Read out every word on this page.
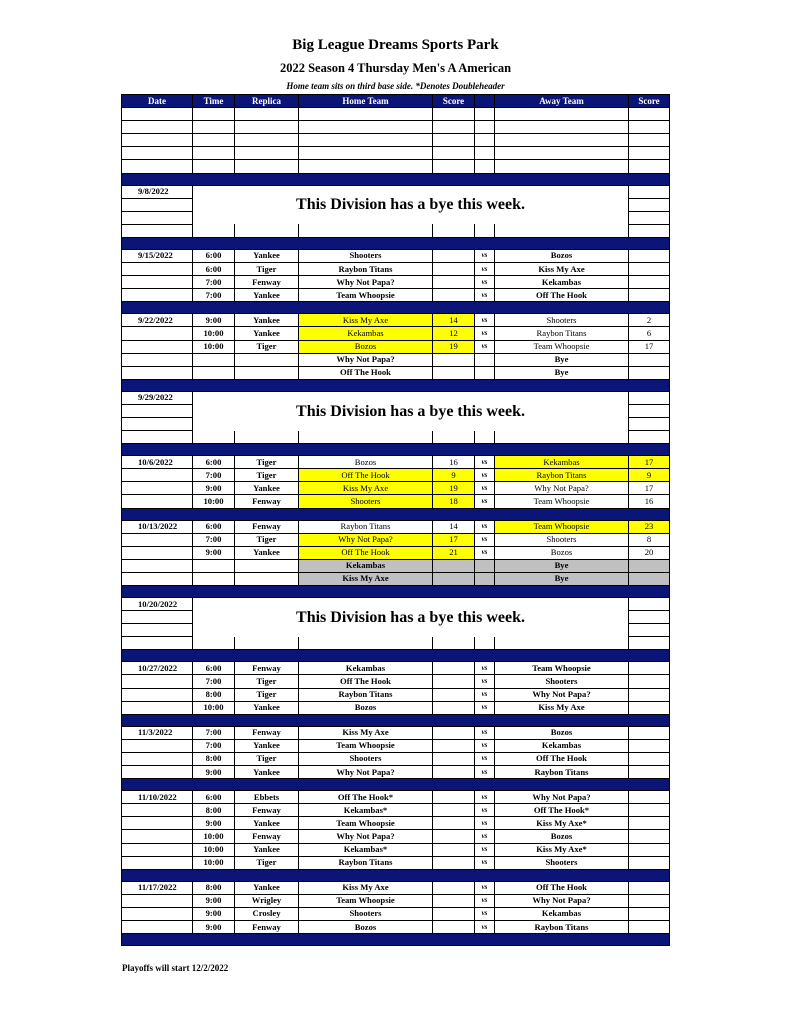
Big League Dreams Sports Park
2022 Season 4 Thursday Men's A American
Home team sits on third base side. *Denotes Doubleheader
Date	Time	Replica	Home Team	Score		Away Team	Score

9/8/2022	This Division has a bye this week.						

9/15/2022	6:00	Yankee	Shooters		vs	Bozos	
	6:00	Tiger	Raybon Titans		vs	Kiss My Axe	
	7:00	Fenway	Why Not Papa?		vs	Kekambas	
	7:00	Yankee	Team Whoopsie		vs	Off The Hook	

9/22/2022	9:00	Yankee	Kiss My Axe	14	vs	Shooters	2
	10:00	Yankee	Kekambas	12	vs	Raybon Titans	6
	10:00	Tiger	Bozos	19	vs	Team Whoopsie	17
			Why Not Papa?			Bye	
			Off The Hook			Bye	

9/29/2022	This Division has a bye this week.						

10/6/2022	6:00	Tiger	Bozos	16	vs	Kekambas	17
	7:00	Tiger	Off The Hook	9	vs	Raybon Titans	9
	9:00	Yankee	Kiss My Axe	19	vs	Why Not Papa?	17
	10:00	Fenway	Shooters	18	vs	Team Whoopsie	16

10/13/2022	6:00	Fenway	Raybon Titans	14	vs	Team Whoopsie	23
	7:00	Tiger	Why Not Papa?	17	vs	Shooters	8
	9:00	Yankee	Off The Hook	21	vs	Bozos	20
			Kekambas			Bye	
			Kiss My Axe			Bye	

10/20/2022	This Division has a bye this week.						

10/27/2022	6:00	Fenway	Kekambas		vs	Team Whoopsie	
	7:00	Tiger	Off The Hook		vs	Shooters	
	8:00	Tiger	Raybon Titans		vs	Why Not Papa?	
	10:00	Yankee	Bozos		vs	Kiss My Axe	

11/3/2022	7:00	Fenway	Kiss My Axe		vs	Bozos	
	7:00	Yankee	Team Whoopsie		vs	Kekambas	
	8:00	Tiger	Shooters		vs	Off The Hook	
	9:00	Yankee	Why Not Papa?		vs	Raybon Titans	

11/10/2022	6:00	Ebbets	Off The Hook*		vs	Why Not Papa?	
	8:00	Fenway	Kekambas*		vs	Off The Hook*	
	9:00	Yankee	Team Whoopsie		vs	Kiss My Axe*	
	10:00	Fenway	Why Not Papa?		vs	Bozos	
	10:00	Yankee	Kekambas*		vs	Kiss My Axe*	
	10:00	Tiger	Raybon Titans		vs	Shooters	

11/17/2022	8:00	Yankee	Kiss My Axe		vs	Off The Hook	
	9:00	Wrigley	Team Whoopsie		vs	Why Not Papa?	
	9:00	Crosley	Shooters		vs	Kekambas	
	9:00	Fenway	Bozos		vs	Raybon Titans	

Playoffs will start 12/2/2022
